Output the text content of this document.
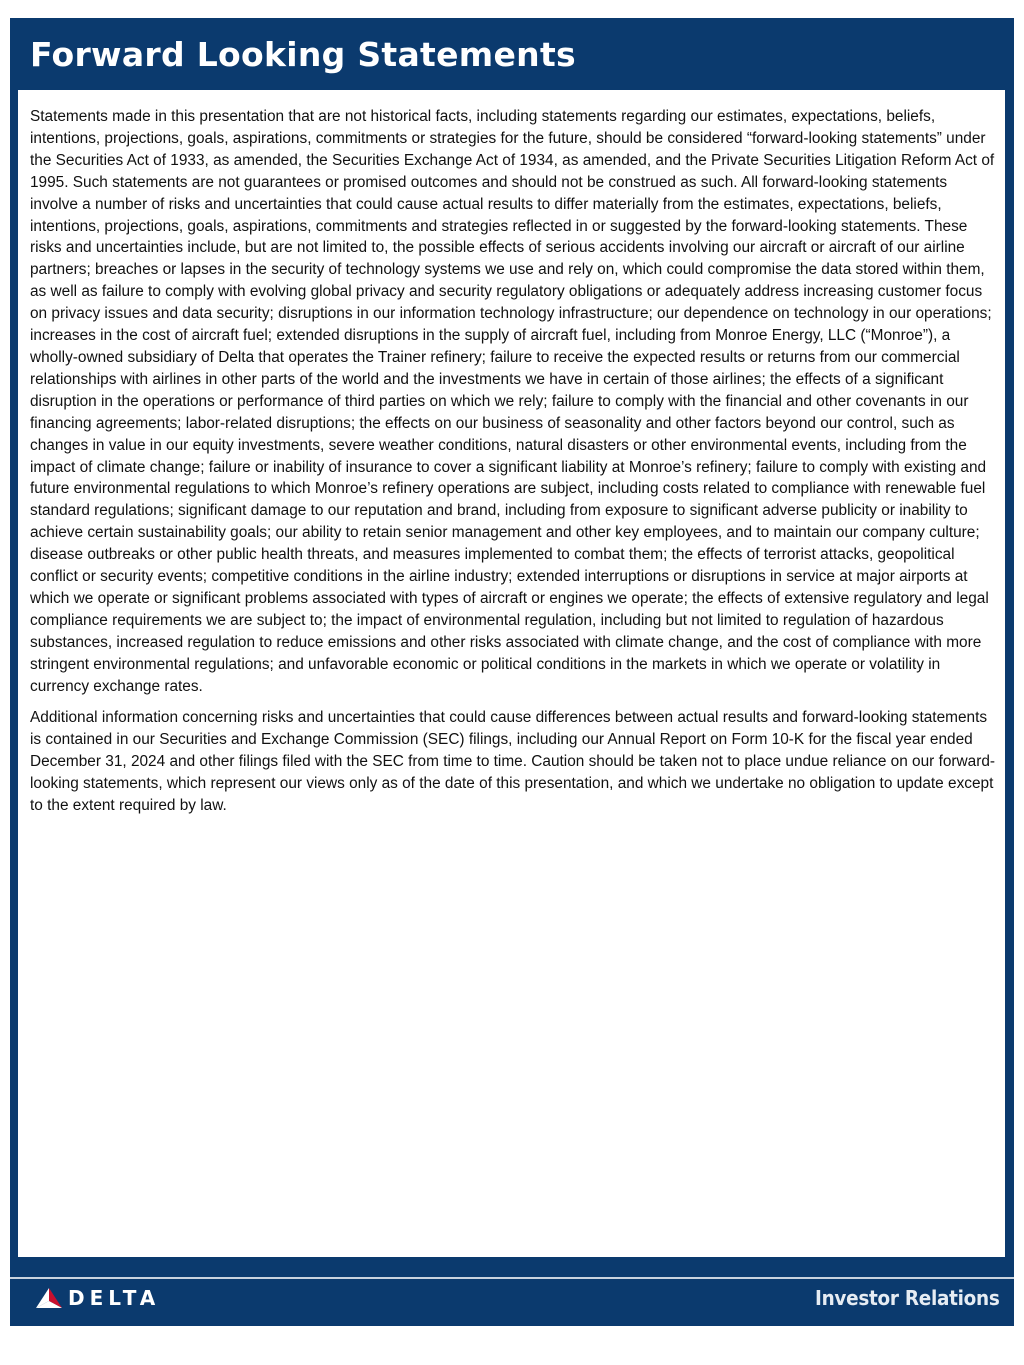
Forward Looking Statements

Statements made in this presentation that are not historical facts, including statements regarding our estimates, expectations, beliefs, intentions, projections, goals, aspirations, commitments or strategies for the future, should be considered “forward-looking statements” under the Securities Act of 1933, as amended, the Securities Exchange Act of 1934, as amended, and the Private Securities Litigation Reform Act of 1995. Such statements are not guarantees or promised outcomes and should not be construed as such. All forward-looking statements involve a number of risks and uncertainties that could cause actual results to differ materially from the estimates, expectations, beliefs, intentions, projections, goals, aspirations, commitments and strategies reflected in or suggested by the forward-looking statements. These risks and uncertainties include, but are not limited to, the possible effects of serious accidents involving our aircraft or aircraft of our airline partners; breaches or lapses in the security of technology systems we use and rely on, which could compromise the data stored within them, as well as failure to comply with evolving global privacy and security regulatory obligations or adequately address increasing customer focus on privacy issues and data security; disruptions in our information technology infrastructure; our dependence on technology in our operations; increases in the cost of aircraft fuel; extended disruptions in the supply of aircraft fuel, including from Monroe Energy, LLC (“Monroe”), a wholly-owned subsidiary of Delta that operates the Trainer refinery; failure to receive the expected results or returns from our commercial relationships with airlines in other parts of the world and the investments we have in certain of those airlines; the effects of a significant disruption in the operations or performance of third parties on which we rely; failure to comply with the financial and other covenants in our financing agreements; labor-related disruptions; the effects on our business of seasonality and other factors beyond our control, such as changes in value in our equity investments, severe weather conditions, natural disasters or other environmental events, including from the impact of climate change; failure or inability of insurance to cover a significant liability at Monroe’s refinery; failure to comply with existing and future environmental regulations to which Monroe’s refinery operations are subject, including costs related to compliance with renewable fuel standard regulations; significant damage to our reputation and brand, including from exposure to significant adverse publicity or inability to achieve certain sustainability goals; our ability to retain senior management and other key employees, and to maintain our company culture; disease outbreaks or other public health threats, and measures implemented to combat them; the effects of terrorist attacks, geopolitical conflict or security events; competitive conditions in the airline industry; extended interruptions or disruptions in service at major airports at which we operate or significant problems associated with types of aircraft or engines we operate; the effects of extensive regulatory and legal compliance requirements we are subject to; the impact of environmental regulation, including but not limited to regulation of hazardous substances, increased regulation to reduce emissions and other risks associated with climate change, and the cost of compliance with more stringent environmental regulations; and unfavorable economic or political conditions in the markets in which we operate or volatility in currency exchange rates.

Additional information concerning risks and uncertainties that could cause differences between actual results and forward-looking statements is contained in our Securities and Exchange Commission (SEC) filings, including our Annual Report on Form 10-K for the fiscal year ended December 31, 2024 and other filings filed with the SEC from time to time. Caution should be taken not to place undue reliance on our forward-looking statements, which represent our views only as of the date of this presentation, and which we undertake no obligation to update except to the extent required by law.

DELTA	Investor Relations
